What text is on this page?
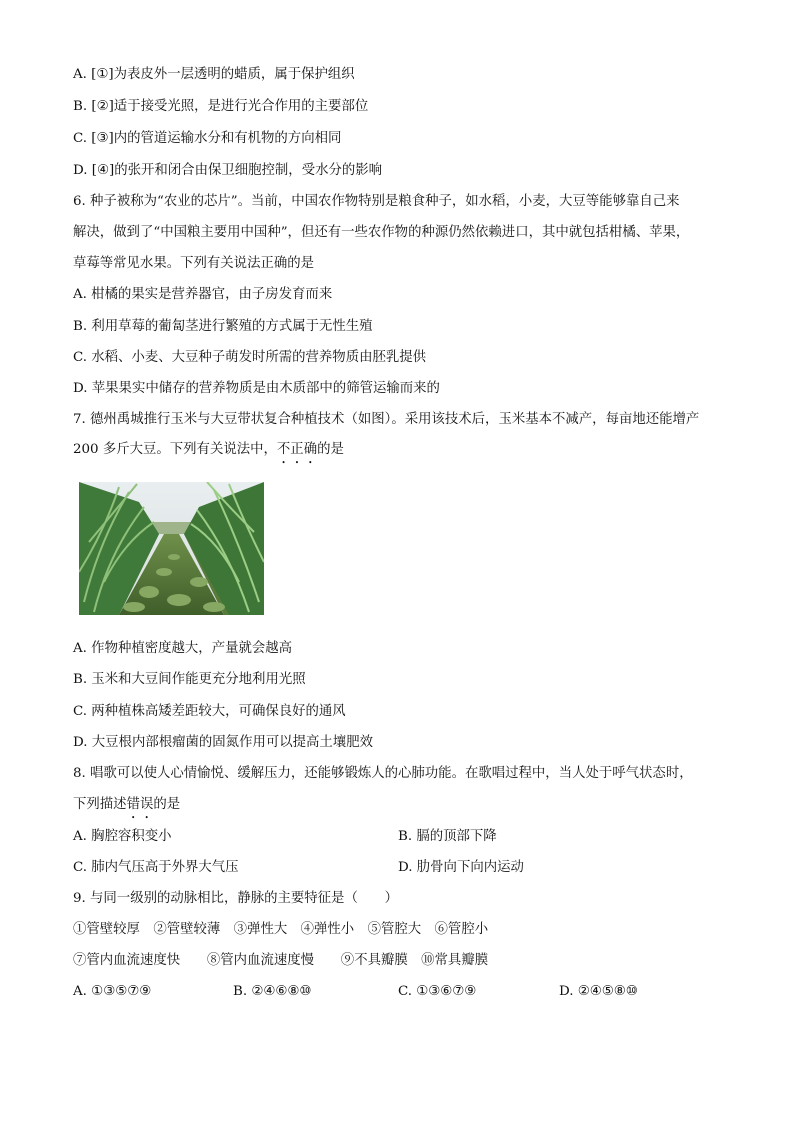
A. [①]为表皮外一层透明的蜡质，属于保护组织
B. [②]适于接受光照，是进行光合作用的主要部位
C. [③]内的管道运输水分和有机物的方向相同
D. [④]的张开和闭合由保卫细胞控制，受水分的影响
6. 种子被称为“农业的芯片”。当前，中国农作物特别是粮食种子，如水稻，小麦，大豆等能够靠自己来
解决，做到了“中国粮主要用中国种”，但还有一些农作物的种源仍然依赖进口，其中就包括柑橘、苹果，
草莓等常见水果。下列有关说法正确的是
A. 柑橘的果实是营养器官，由子房发育而来
B. 利用草莓的葡匐茎进行繁殖的方式属于无性生殖
C. 水稻、小麦、大豆种子萌发时所需的营养物质由胚乳提供
D. 苹果果实中储存的营养物质是由木质部中的筛管运输而来的
7. 德州禹城推行玉米与大豆带状复合种植技术（如图）。采用该技术后，玉米基本不减产，每亩地还能增产
200 多斤大豆。下列有关说法中，不正确的是
A. 作物种植密度越大，产量就会越高
B. 玉米和大豆间作能更充分地利用光照
C. 两种植株高矮差距较大，可确保良好的通风
D. 大豆根内部根瘤菌的固氮作用可以提高土壤肥效
8. 唱歌可以使人心情愉悦、缓解压力，还能够锻炼人的心肺功能。在歌唱过程中，当人处于呼气状态时，
下列描述错误的是
A. 胸腔容积变小	B. 膈的顶部下降
C. 肺内气压高于外界大气压	D. 肋骨向下向内运动
9. 与同一级别的动脉相比，静脉的主要特征是（　　）
①管壁较厚　②管壁较薄　③弹性大　④弹性小　⑤管腔大　⑥管腔小
⑦管内血流速度快　　⑧管内血流速度慢　　⑨不具瓣膜　⑩常具瓣膜
A. ①③⑤⑦⑨	B. ②④⑥⑧⑩	C. ①③⑥⑦⑨	D. ②④⑤⑧⑩
